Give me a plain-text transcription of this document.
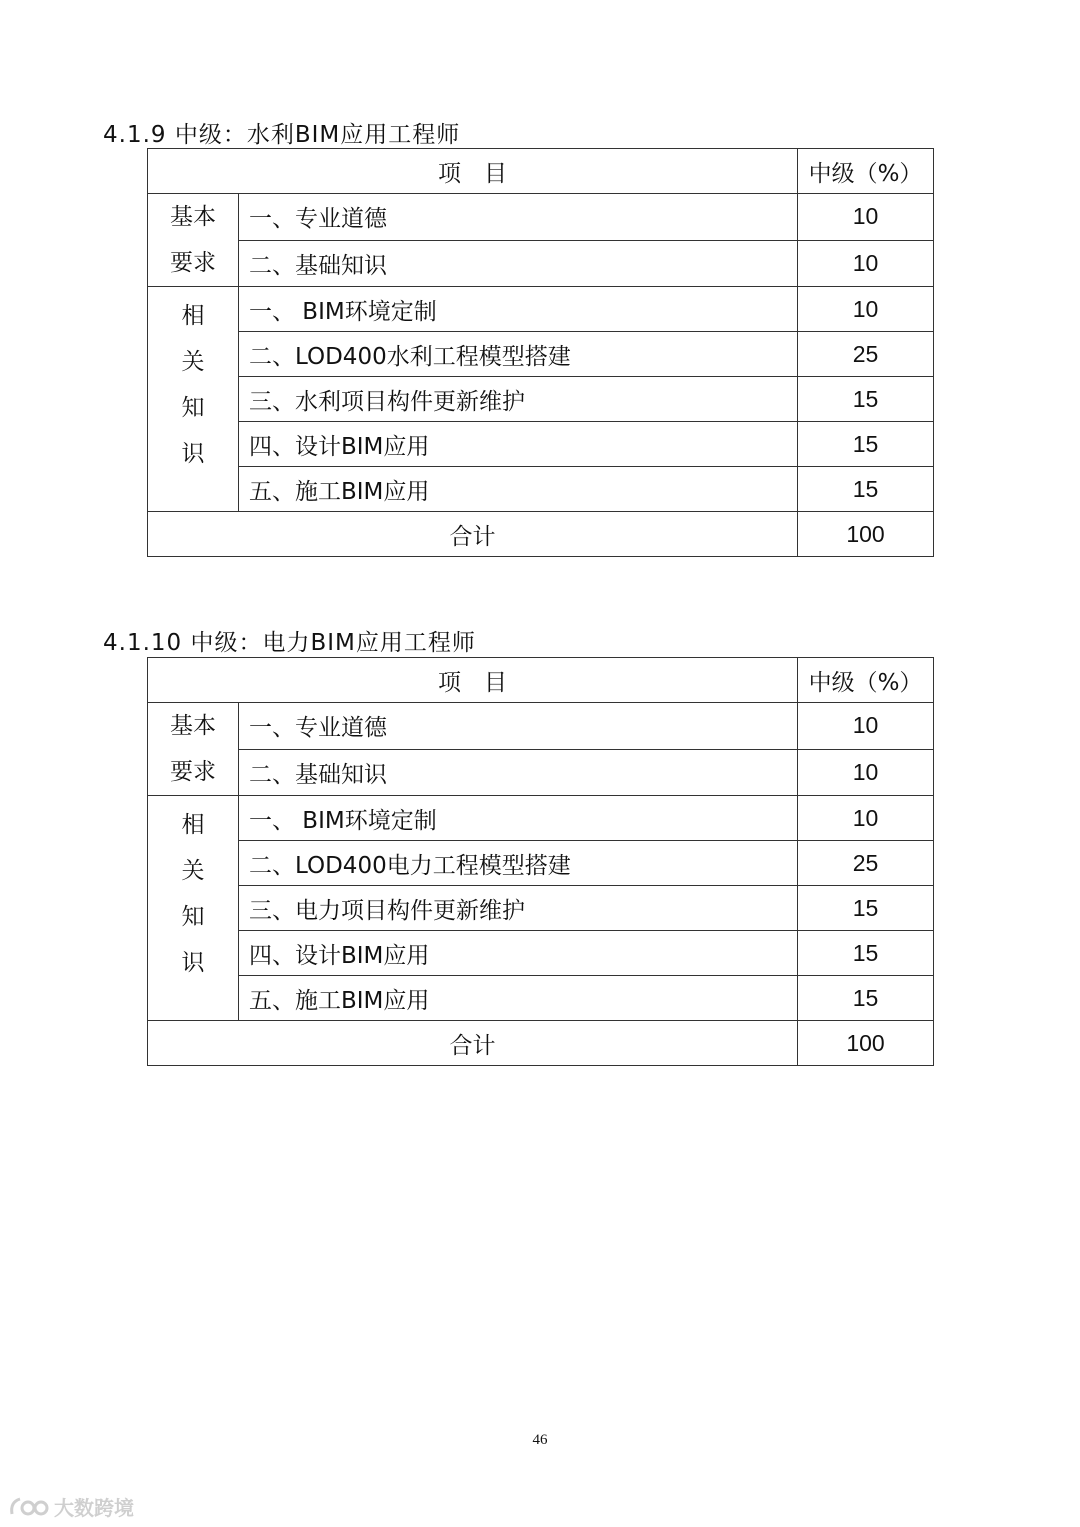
4.1.9 中级：水利BIM应用工程师
项　目		中级（%）

基本
要求	一、专业道德	10
	二、基础知识	10

相
关
知
识	一、 BIM环境定制	10
	二、LOD400水利工程模型搭建	25
	三、水利项目构件更新维护	15
	四、设计BIM应用	15
	五、施工BIM应用	15
合计		100
4.1.10 中级：电力BIM应用工程师
项　目		中级（%）

基本
要求	一、专业道德	10
	二、基础知识	10

相
关
知
识	一、 BIM环境定制	10
	二、LOD400电力工程模型搭建	25
	三、电力项目构件更新维护	15
	四、设计BIM应用	15
	五、施工BIM应用	15
合计		100
46
大数跨境
